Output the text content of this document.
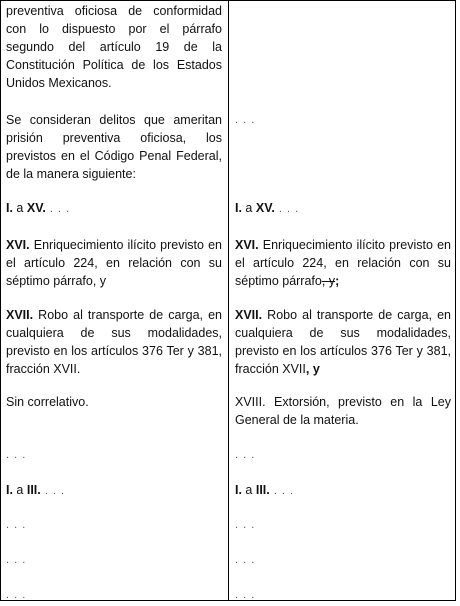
preventiva oficiosa de conformidad con lo dispuesto por el párrafo segundo del artículo 19 de la Constitución Política de los Estados Unidos Mexicanos.
Se consideran delitos que ameritan prisión preventiva oficiosa, los previstos en el Código Penal Federal, de la manera siguiente:
I. a XV. . . .
XVI. Enriquecimiento ilícito previsto en el artículo 224, en relación con su séptimo párrafo, y
XVII. Robo al transporte de carga, en cualquiera de sus modalidades, previsto en los artículos 376 Ter y 381, fracción XVII.
Sin correlativo.
. . .
I. a III. . . .
. . .
. . .
. . .
. . .
I. a XV. . . .
XVI. Enriquecimiento ilícito previsto en el artículo 224, en relación con su séptimo párrafo, y;
XVII. Robo al transporte de carga, en cualquiera de sus modalidades, previsto en los artículos 376 Ter y 381, fracción XVII, y
XVIII. Extorsión, previsto en la Ley General de la materia.
. . .
I. a III. . . .
. . .
. . .
. . .
